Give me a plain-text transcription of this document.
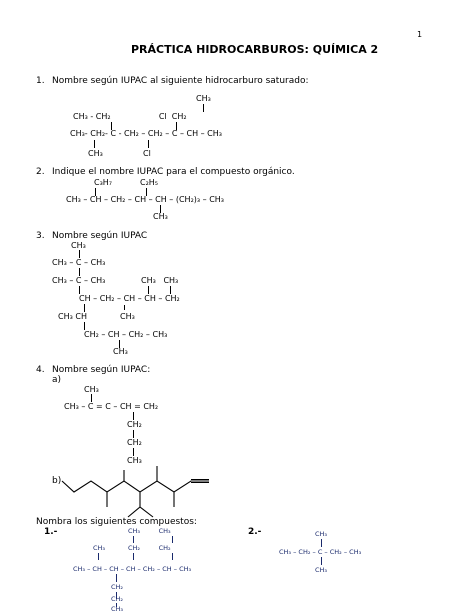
1
PRÁCTICA HIDROCARBUROS: QUÍMICA 2
1. Nombre según IUPAC al siguiente hidrocarburo saturado:
CH₃
CH₃ - CH₂                   Cl  CH₂
CH₃- CH₂- C - CH₂ – CH₂ – C – CH – CH₃
CH₃	Cl
2. Indique el nombre IUPAC para el compuesto orgánico.
C₃H₇	C₂H₅
CH₃ – CH – CH₂ – CH – CH – (CH₂)₃ – CH₃
CH₃
3. Nombre según IUPAC
CH₃
CH₃ – C – CH₃
CH₃ – C – CH₃	CH₃   CH₃
CH – CH₂ – CH – CH – CH₂
CH₃ CH	CH₃
CH₂ – CH – CH₂ – CH₃
CH₃
4. Nombre según IUPAC:
a)
CH₃
CH₃ – C = C – CH = CH₂
CH₂
CH₂
CH₃
b)
Nombra los siguientes compuestos:
1.-	2.-
CH₃         CH₃
CH₃	CH₂         CH₂
CH₃ – CH – CH – CH – CH₂ – CH – CH₃
CH₂
CH₂
CH₃
CH₃
CH₃ – CH₂ – C – CH₂ – CH₃
CH₃
